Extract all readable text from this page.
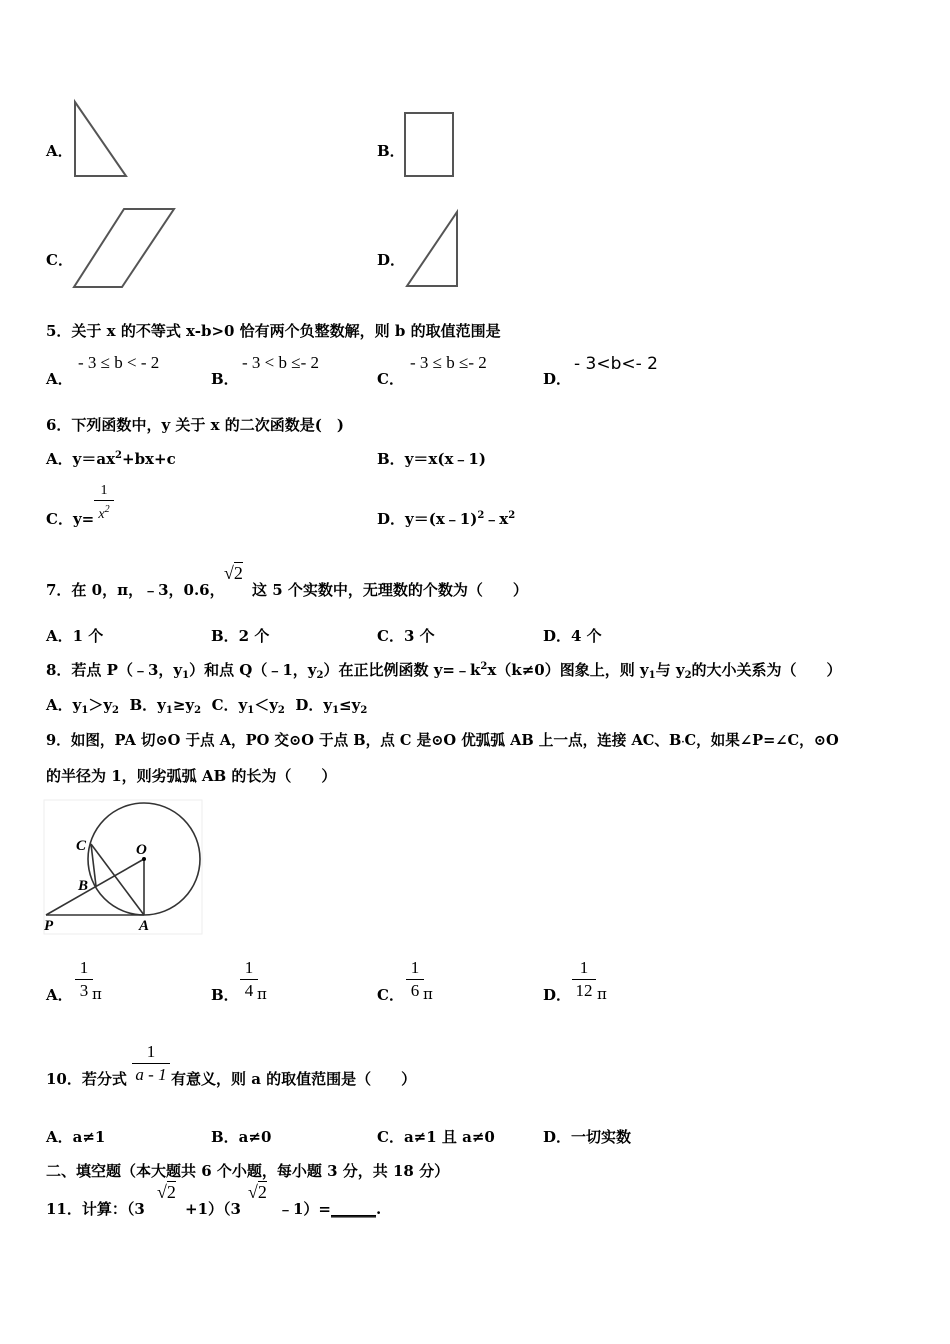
A．	B．
C．	D．
5．关于 x 的不等式 x-b>0 恰有两个负整数解，则 b 的取值范围是
A．
- 3 ≤ b < - 2
B．
- 3 < b ≤- 2
C．
- 3 ≤ b ≤- 2
D．
- 3<b<- 2
6．下列函数中，y 关于 x 的二次函数是(　)
A．$y=ax^2+bx+c$	B．y＝x(x﹣1)
C．y=
1
$x^2$
D．$y=(x﹣1)^2﹣x^2$
7．在 0，π，﹣3，0.6，
√2
这 5 个实数中，无理数的个数为（　　）
A．1 个	B．2 个	C．3 个	D．4 个
8．若点 P（﹣3，$y_1$）和点 Q（﹣1，$y_2$）在正比例函数 $y=﹣k^2x(k\ne 0)$图象上，则 $y_1$与 $y_2$的大小关系为（　　）
A．$y_1>y_2$ B．$y_1\ge y_2$ C．$y_1<y_2$ D．$y_1\le y_2$
9．如图，PA 切⊙O 于点 A，PO 交⊙O 于点 B，点 C 是⊙O 优弧弧 AB 上一点，连接 AC、B·C，如果∠P=∠C，⊙O
的半径为 1，则劣弧弧 AB 的长为（　　）
C	O
B
P	A
A．
1
3 π	B．
1
4 π	C．
1
6 π	D．
1
12 π
10．若分式
1
a - 1 有意义，则 a 的取值范围是（　　）
A．a≠1	B．a≠0	C．a≠1 且 a≠0	D．一切实数
二、填空题（本大题共 6 个小题，每小题 3 分，共 18 分）
11．计算：（3
√2
+1）（3
√2
﹣1）=______.
